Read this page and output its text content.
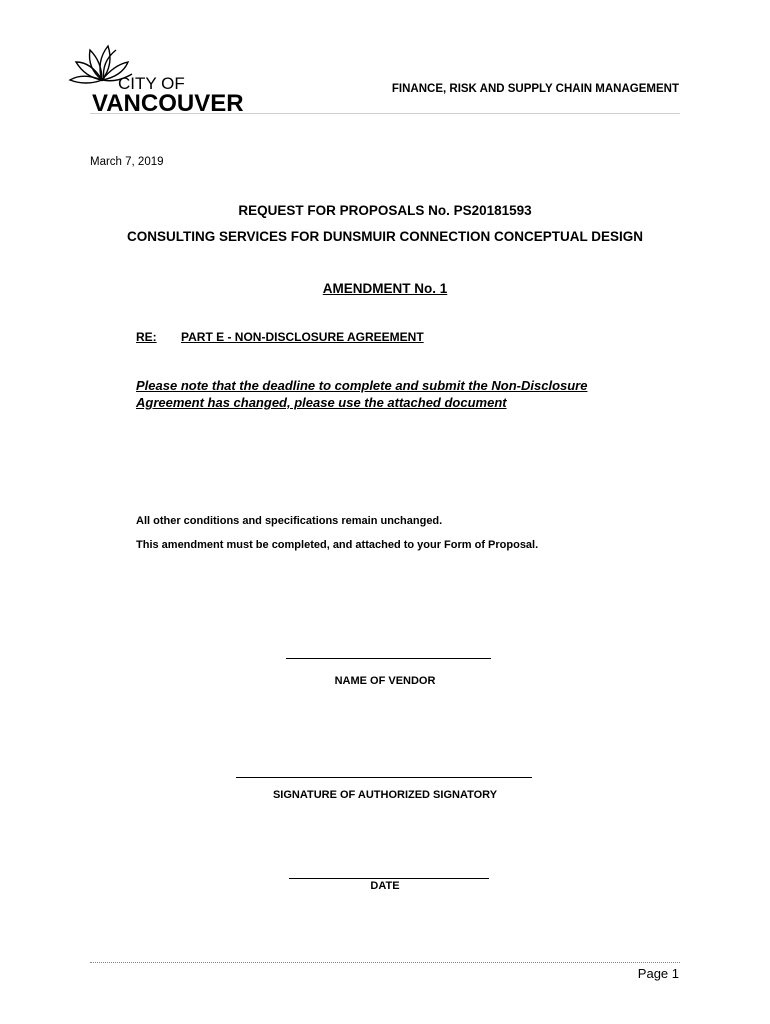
CITY OF
VANCOUVER
FINANCE, RISK AND SUPPLY CHAIN MANAGEMENT
March 7, 2019
REQUEST FOR PROPOSALS No. PS20181593
CONSULTING SERVICES FOR DUNSMUIR CONNECTION CONCEPTUAL DESIGN
AMENDMENT No. 1
RE: PART E - NON-DISCLOSURE AGREEMENT
Please note that the deadline to complete and submit the Non-Disclosure
Agreement has changed, please use the attached document
All other conditions and specifications remain unchanged.
This amendment must be completed, and attached to your Form of Proposal.
NAME OF VENDOR
SIGNATURE OF AUTHORIZED SIGNATORY
DATE
Page 1
